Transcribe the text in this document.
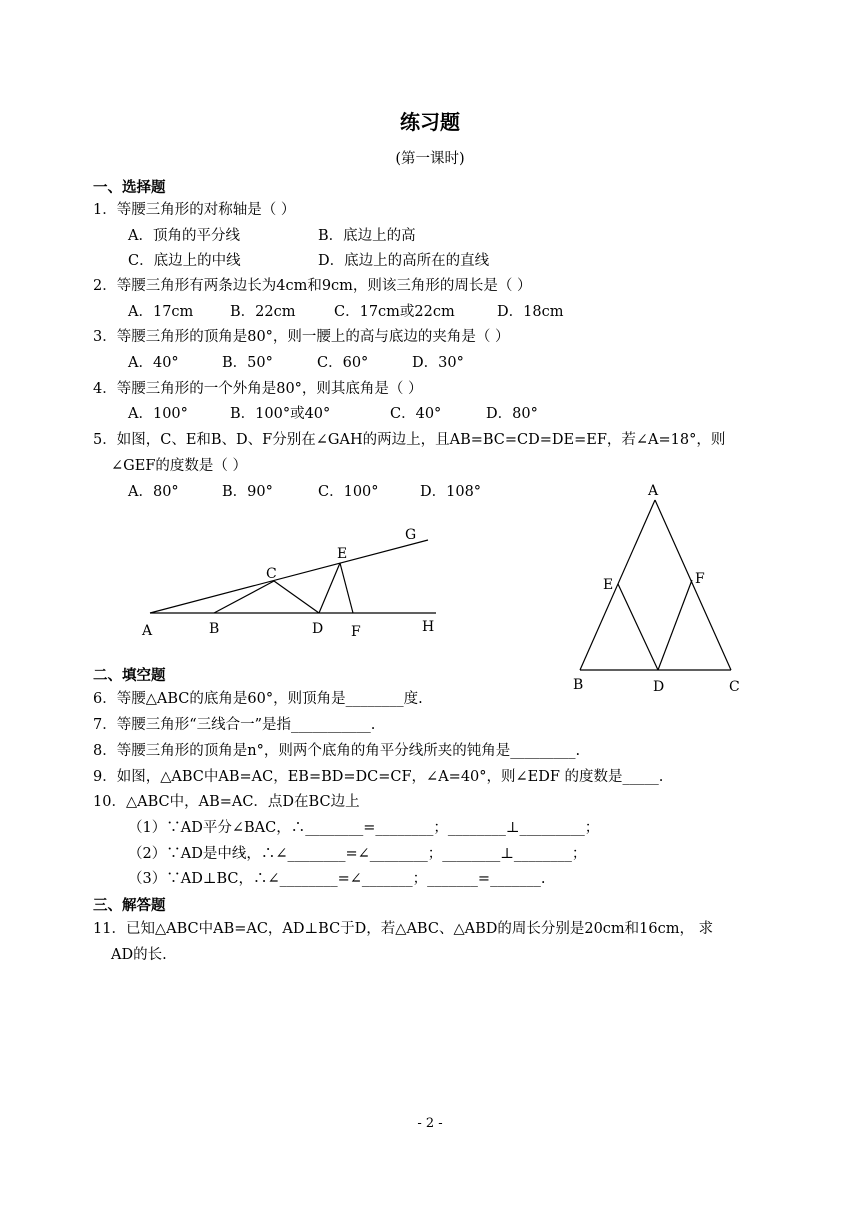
练习题
(第一课时)
一、选择题
1．等腰三角形的对称轴是（ ）
A．顶角的平分线	B．底边上的高
C．底边上的中线	D．底边上的高所在的直线
2．等腰三角形有两条边长为4cm和9cm，则该三角形的周长是（ ）
A．17cm	B．22cm	C．17cm或22cm	D．18cm
3．等腰三角形的顶角是80°，则一腰上的高与底边的夹角是（ ）
A．40°	B．50°	C．60°	D．30°
4．等腰三角形的一个外角是80°，则其底角是（ ）
A．100°	B．100°或40°	C．40°	D．80°
5．如图，C、E和B、D、F分别在∠GAH的两边上，且AB=BC=CD=DE=EF，若∠A=18°，则
∠GEF的度数是（ ）
A．80°	B．90°	C．100°	D．108°
A	B
C
D
E
F
G
H
A
B	C
D
E	F
二、填空题
6．等腰△ABC的底角是60°，则顶角是________度.
7．等腰三角形“三线合一”是指___________.
8．等腰三角形的顶角是n°，则两个底角的角平分线所夹的钝角是_________.
9．如图，△ABC中AB=AC，EB=BD=DC=CF，∠A=40°，则∠EDF 的度数是_____.
10．△ABC中，AB=AC．点D在BC边上
（1）∵AD平分∠BAC，∴________=________；________⊥_________；
（2）∵AD是中线，∴∠________=∠________；________⊥________；
（3）∵AD⊥BC，∴∠________=∠_______；_______=_______.
三、解答题
11．已知△ABC中AB=AC，AD⊥BC于D，若△ABC、△ABD的周长分别是20cm和16cm， 求
AD的长.
- 2 -
